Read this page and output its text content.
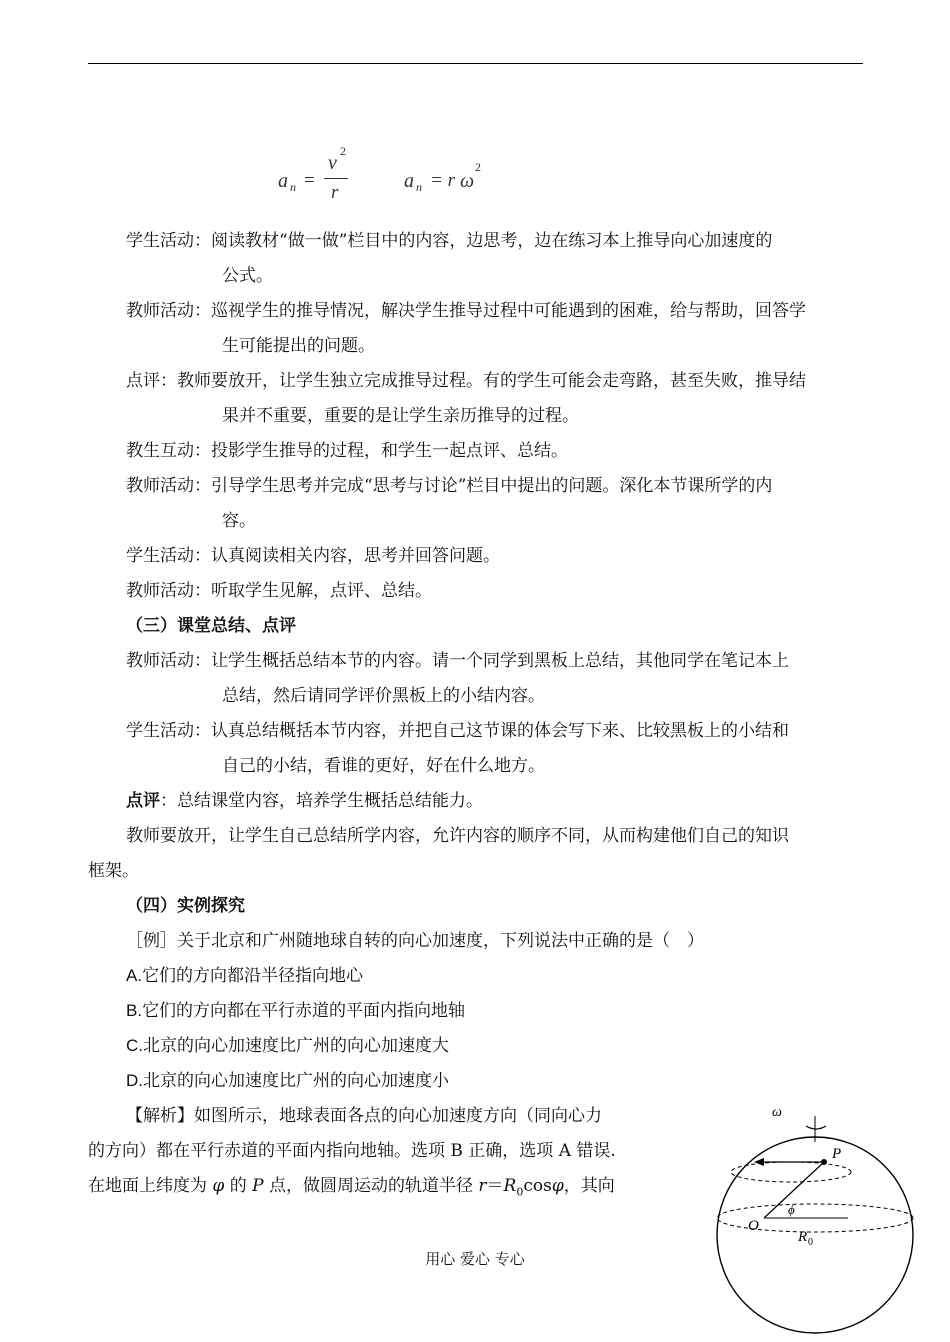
a n =
v
2
r
a n = r ω
2
学生活动：阅读教材“做一做”栏目中的内容，边思考，边在练习本上推导向心加速度的
公式。
教师活动：巡视学生的推导情况，解决学生推导过程中可能遇到的困难，给与帮助，回答学
生可能提出的问题。
点评：教师要放开，让学生独立完成推导过程。有的学生可能会走弯路，甚至失败，推导结
果并不重要，重要的是让学生亲历推导的过程。
教生互动：投影学生推导的过程，和学生一起点评、总结。
教师活动：引导学生思考并完成“思考与讨论”栏目中提出的问题。深化本节课所学的内
容。
学生活动：认真阅读相关内容，思考并回答问题。
教师活动：听取学生见解，点评、总结。
（三）课堂总结、点评
教师活动：让学生概括总结本节的内容。请一个同学到黑板上总结，其他同学在笔记本上
总结，然后请同学评价黑板上的小结内容。
学生活动：认真总结概括本节内容，并把自己这节课的体会写下来、比较黑板上的小结和
自己的小结，看谁的更好，好在什么地方。
点评：总结课堂内容，培养学生概括总结能力。
教师要放开，让学生自己总结所学内容，允许内容的顺序不同，从而构建他们自己的知识
框架。
（四）实例探究
［例］关于北京和广州随地球自转的向心加速度，下列说法中正确的是（　）
A.它们的方向都沿半径指向地心
B.它们的方向都在平行赤道的平面内指向地轴
C.北京的向心加速度比广州的向心加速度大
D.北京的向心加速度比广州的向心加速度小
【解析】如图所示，地球表面各点的向心加速度方向（同向心力
的方向）都在平行赤道的平面内指向地轴。选项 B 正确，选项 A 错误.
在地面上纬度为 φ 的 P 点，做圆周运动的轨道半径 $r=R_0\cos\varphi$，其向
ω
P
O
ϕ
R 0
用心 爱心 专心
